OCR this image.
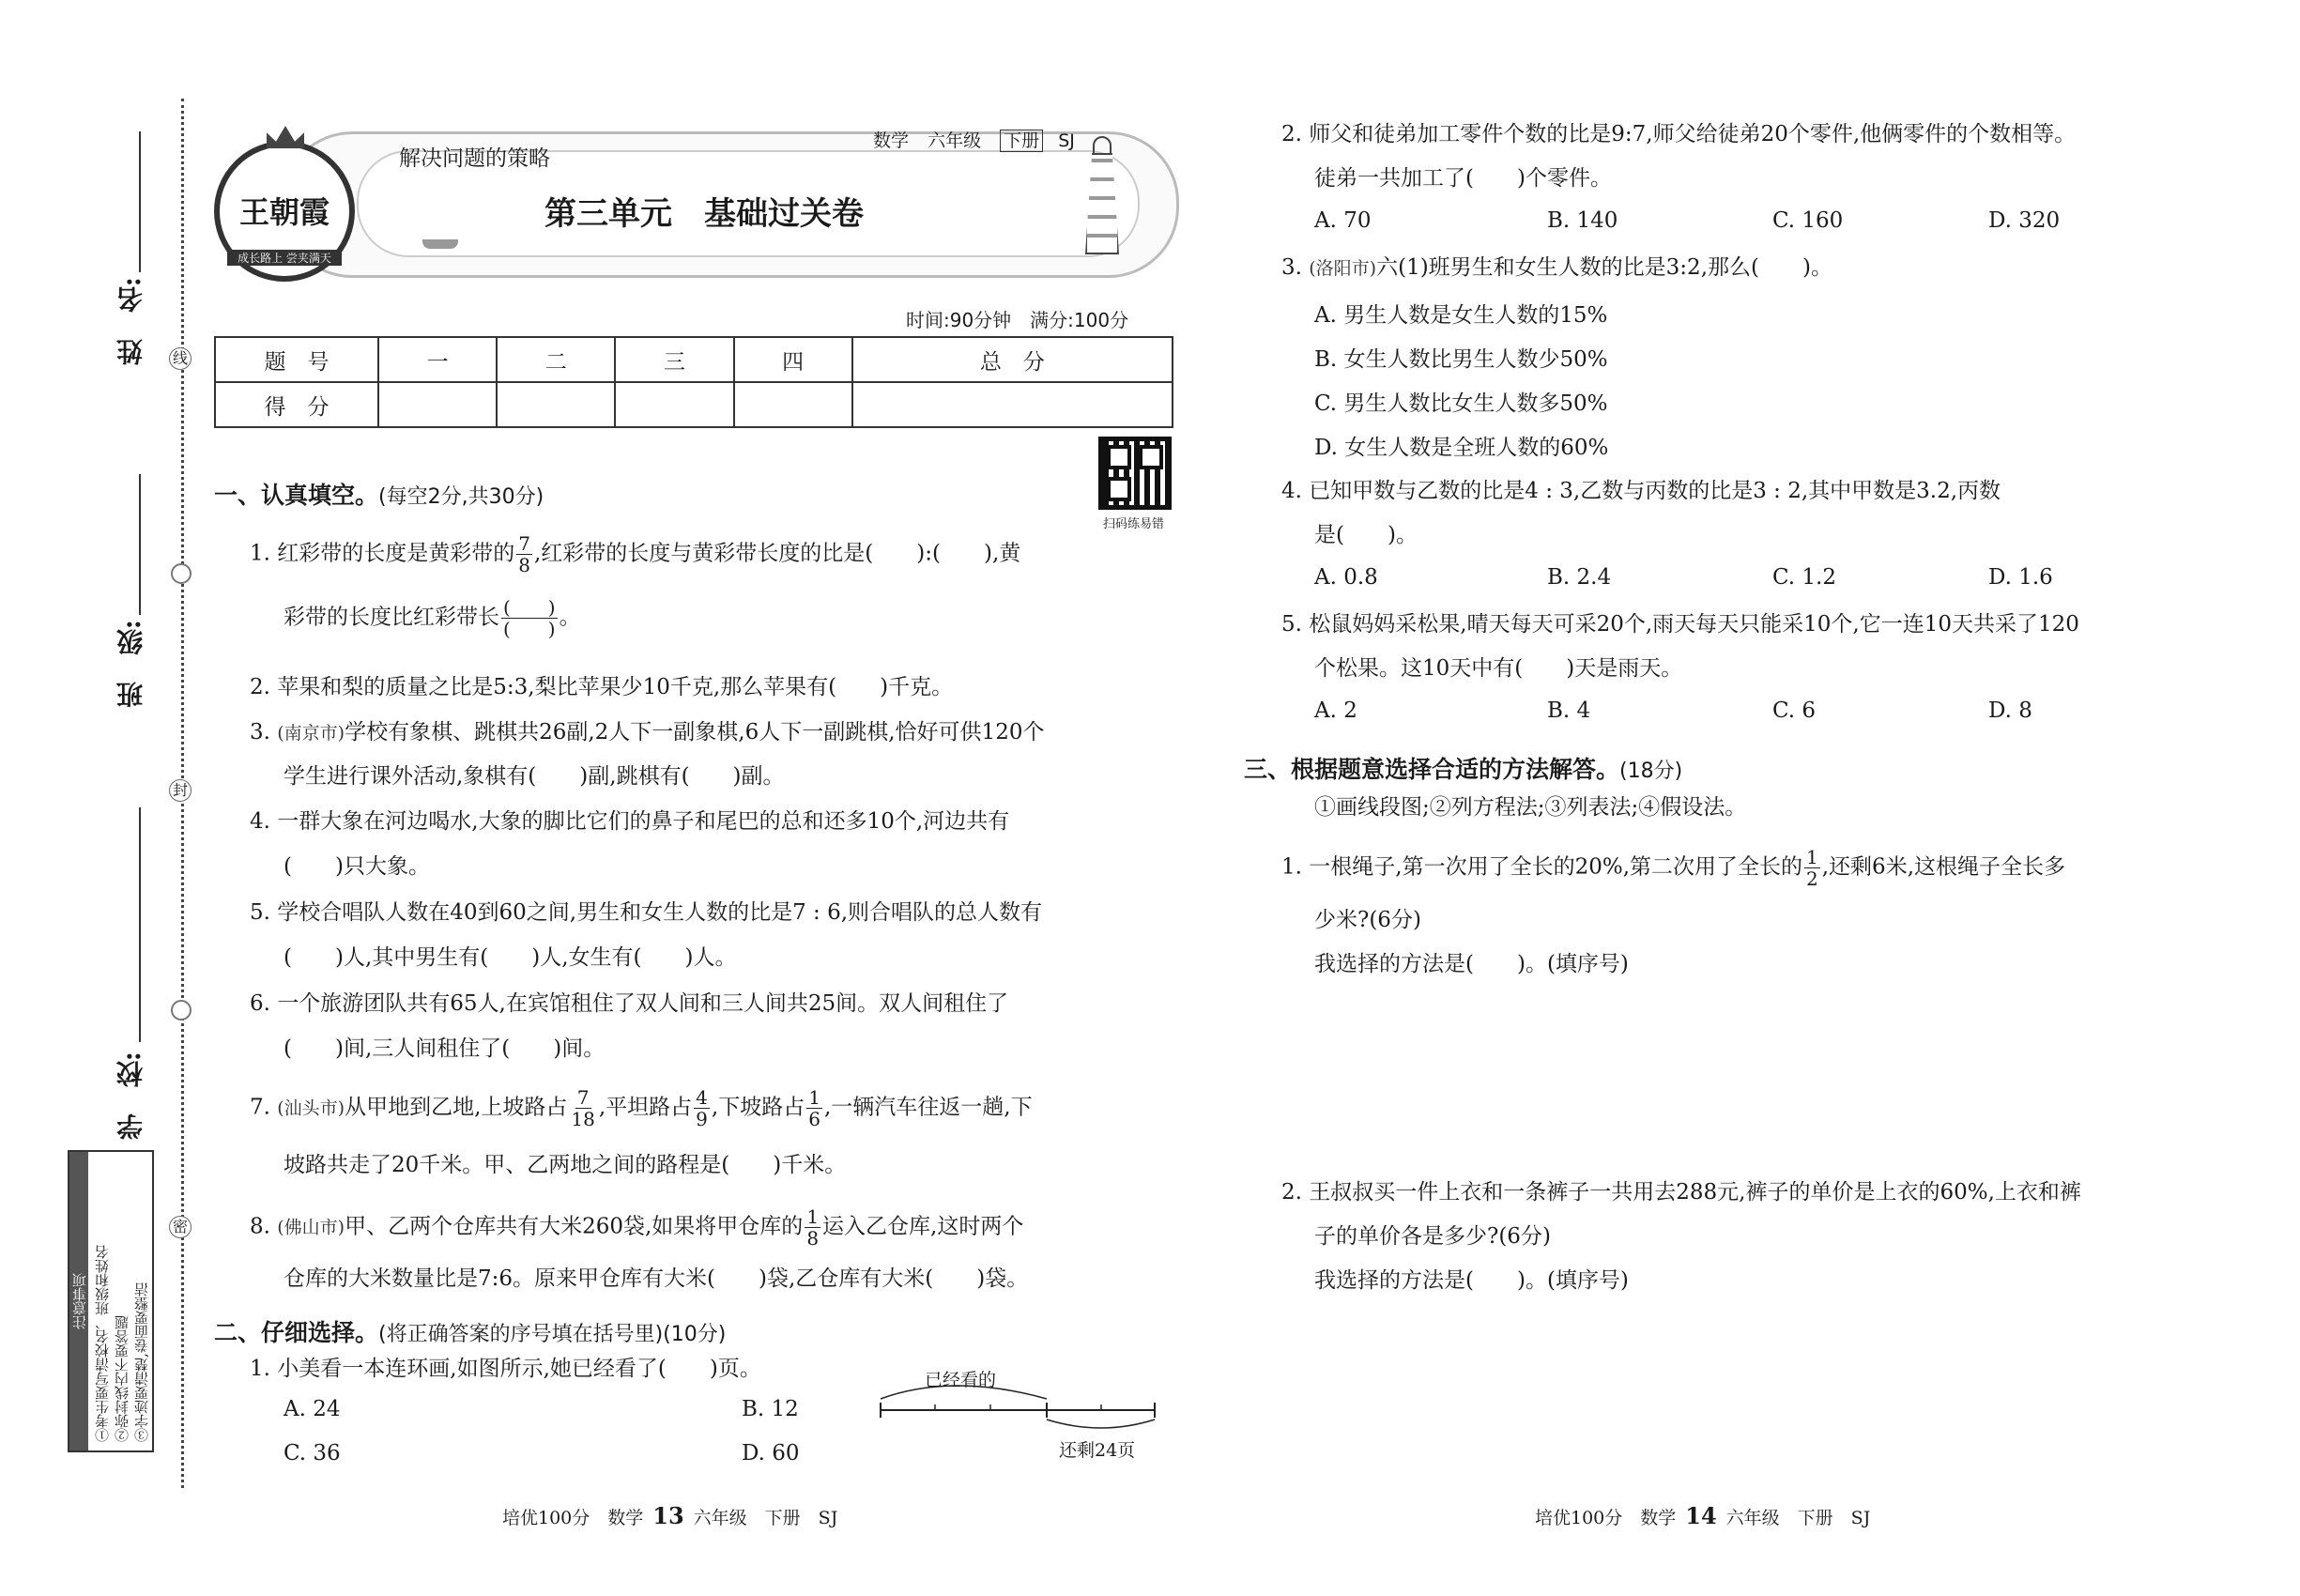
线
封
密
姓　名:
班　级:
学　校:
注意事项 ①考生要写清校名、班级和姓名 ②弥封线内不要答题 ③字迹要清楚,卷面要整洁
王朝霞
成长路上 尝夹满天
解决问题的策略
数学 六年级 下册 SJ
第三单元　基础过关卷
时间:90分钟　满分:100分
题　号	一	二	三	四	总　分
得　分					
扫码练易错
一、认真填空。(每空2分,共30分)
1. 红彩带的长度是黄彩带的 $\frac{7}{8}$ ,红彩带的长度与黄彩带长度的比是(　　):(　　),黄
彩带的长度比红彩带长 $\frac{( )}{( )}$ 。
2. 苹果和梨的质量之比是5:3,梨比苹果少10千克,那么苹果有(　　)千克。
3. (南京市)学校有象棋、跳棋共26副,2人下一副象棋,6人下一副跳棋,恰好可供120个
学生进行课外活动,象棋有(　　)副,跳棋有(　　)副。
4. 一群大象在河边喝水,大象的脚比它们的鼻子和尾巴的总和还多10个,河边共有
(　　)只大象。
5. 学校合唱队人数在40到60之间,男生和女生人数的比是7 : 6,则合唱队的总人数有
(　　)人,其中男生有(　　)人,女生有(　　)人。
6. 一个旅游团队共有65人,在宾馆租住了双人间和三人间共25间。双人间租住了
(　　)间,三人间租住了(　　)间。
7. (汕头市)从甲地到乙地,上坡路占 $\frac{7}{18}$ ,平坦路占 $\frac{4}{9}$ ,下坡路占 $\frac{1}{6}$ ,一辆汽车往返一趟,下
坡路共走了20千米。甲、乙两地之间的路程是(　　)千米。
8. (佛山市)甲、乙两个仓库共有大米260袋,如果将甲仓库的 $\frac{1}{8}$ 运入乙仓库,这时两个
仓库的大米数量比是7:6。原来甲仓库有大米(　　)袋,乙仓库有大米(　　)袋。
二、仔细选择。(将正确答案的序号填在括号里)(10分)
1. 小美看一本连环画,如图所示,她已经看了(　　)页。
A. 24	B. 12
C. 36	D. 60
已经看的
还剩24页
2. 师父和徒弟加工零件个数的比是9:7,师父给徒弟20个零件,他俩零件的个数相等。
徒弟一共加工了(　　)个零件。
A. 70	B. 140	C. 160	D. 320
3. (洛阳市)六(1)班男生和女生人数的比是3:2,那么(　　)。
A. 男生人数是女生人数的15%
B. 女生人数比男生人数少50%
C. 男生人数比女生人数多50%
D. 女生人数是全班人数的60%
4. 已知甲数与乙数的比是4 : 3,乙数与丙数的比是3 : 2,其中甲数是3.2,丙数
是(　　)。
A. 0.8	B. 2.4	C. 1.2	D. 1.6
5. 松鼠妈妈采松果,晴天每天可采20个,雨天每天只能采10个,它一连10天共采了120
个松果。这10天中有(　　)天是雨天。
A. 2	B. 4	C. 6	D. 8
三、根据题意选择合适的方法解答。(18分)
①画线段图;②列方程法;③列表法;④假设法。
1. 一根绳子,第一次用了全长的20%,第二次用了全长的 $\frac{1}{2}$ ,还剩6米,这根绳子全长多
少米?(6分)
我选择的方法是(　　)。(填序号)
2. 王叔叔买一件上衣和一条裤子一共用去288元,裤子的单价是上衣的60%,上衣和裤
子的单价各是多少?(6分)
我选择的方法是(　　)。(填序号)
培优100分　数学 13 六年级　下册　SJ	培优100分　数学 14 六年级　下册　SJ
